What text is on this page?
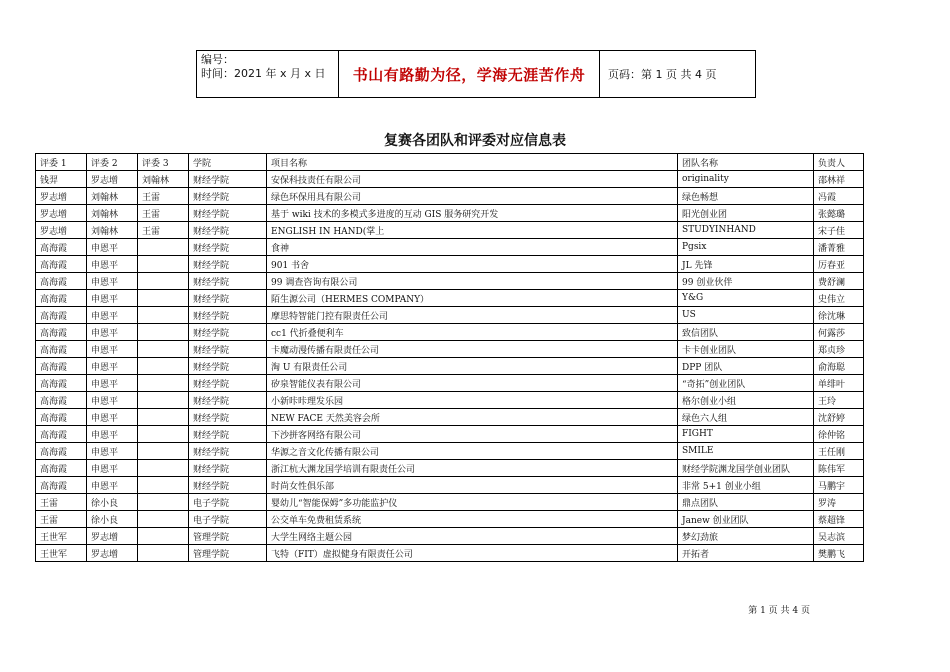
编号：
时间：2021 年 x 月 x 日	书山有路勤为径，学海无涯苦作舟	页码：第 1 页 共 4 页
复赛各团队和评委对应信息表
评委 1	评委 2	评委 3	学院	项目名称	团队名称	负责人
钱羿	罗志增	刘翰林	财经学院	安保科技责任有限公司	originality	邵林祥
罗志增	刘翰林	王雷	财经学院	绿色环保用具有限公司	绿色畅想	冯霞
罗志增	刘翰林	王雷	财经学院	基于 wiki 技术的多模式多进度的互动 GIS 服务研究开发	阳光创业团	张懿璐
罗志增	刘翰林	王雷	财经学院	ENGLISH IN HAND(掌上	STUDYINHAND	宋子佳
高海霞	申恩平		财经学院	食神	Pgsix	潘菁雅
高海霞	申恩平		财经学院	901 书舍	JL 先锋	厉春亚
高海霞	申恩平		财经学院	99 调查咨询有限公司	99 创业伙伴	费舒澜
高海霞	申恩平		财经学院	陌生源公司（HERMES COMPANY）	Y&G	史伟立
高海霞	申恩平		财经学院	摩思特智能门控有限责任公司	US	徐沈琳
高海霞	申恩平		财经学院	cc1 代折叠便利车	致信团队	何露莎
高海霞	申恩平		财经学院	卡魔动漫传播有限责任公司	卡卡创业团队	郑贞珍
高海霞	申恩平		财经学院	淘 U 有限责任公司	DPP 团队	俞海聪
高海霞	申恩平		财经学院	矽泉智能仪表有限公司	“奇拓”创业团队	单绯叶
高海霞	申恩平		财经学院	小新咔咔理发乐园	格尔创业小组	王玲
高海霞	申恩平		财经学院	NEW FACE 天然美容会所	绿色六人组	沈舒婷
高海霞	申恩平		财经学院	下沙拼客网络有限公司	FIGHT	徐仲铭
高海霞	申恩平		财经学院	华源之音文化传播有限公司	SMILE	王任刚
高海霞	申恩平		财经学院	浙江杭大渊龙国学培训有限责任公司	财经学院渊龙国学创业团队	陈伟军
高海霞	申恩平		财经学院	时尚女性俱乐部	非常 5+1 创业小组	马鹏宇
王雷	徐小良		电子学院	婴幼儿“智能保姆”多功能监护仪	鼎点团队	罗涛
王雷	徐小良		电子学院	公交单车免费租赁系统	Janew 创业团队	蔡超锋
王世军	罗志增		管理学院	大学生网络主题公园	梦幻劲旅	吴志滨
王世军	罗志增		管理学院	飞特（FIT）虚拟健身有限责任公司	开拓者	樊鹏飞
第 1 页 共 4 页
